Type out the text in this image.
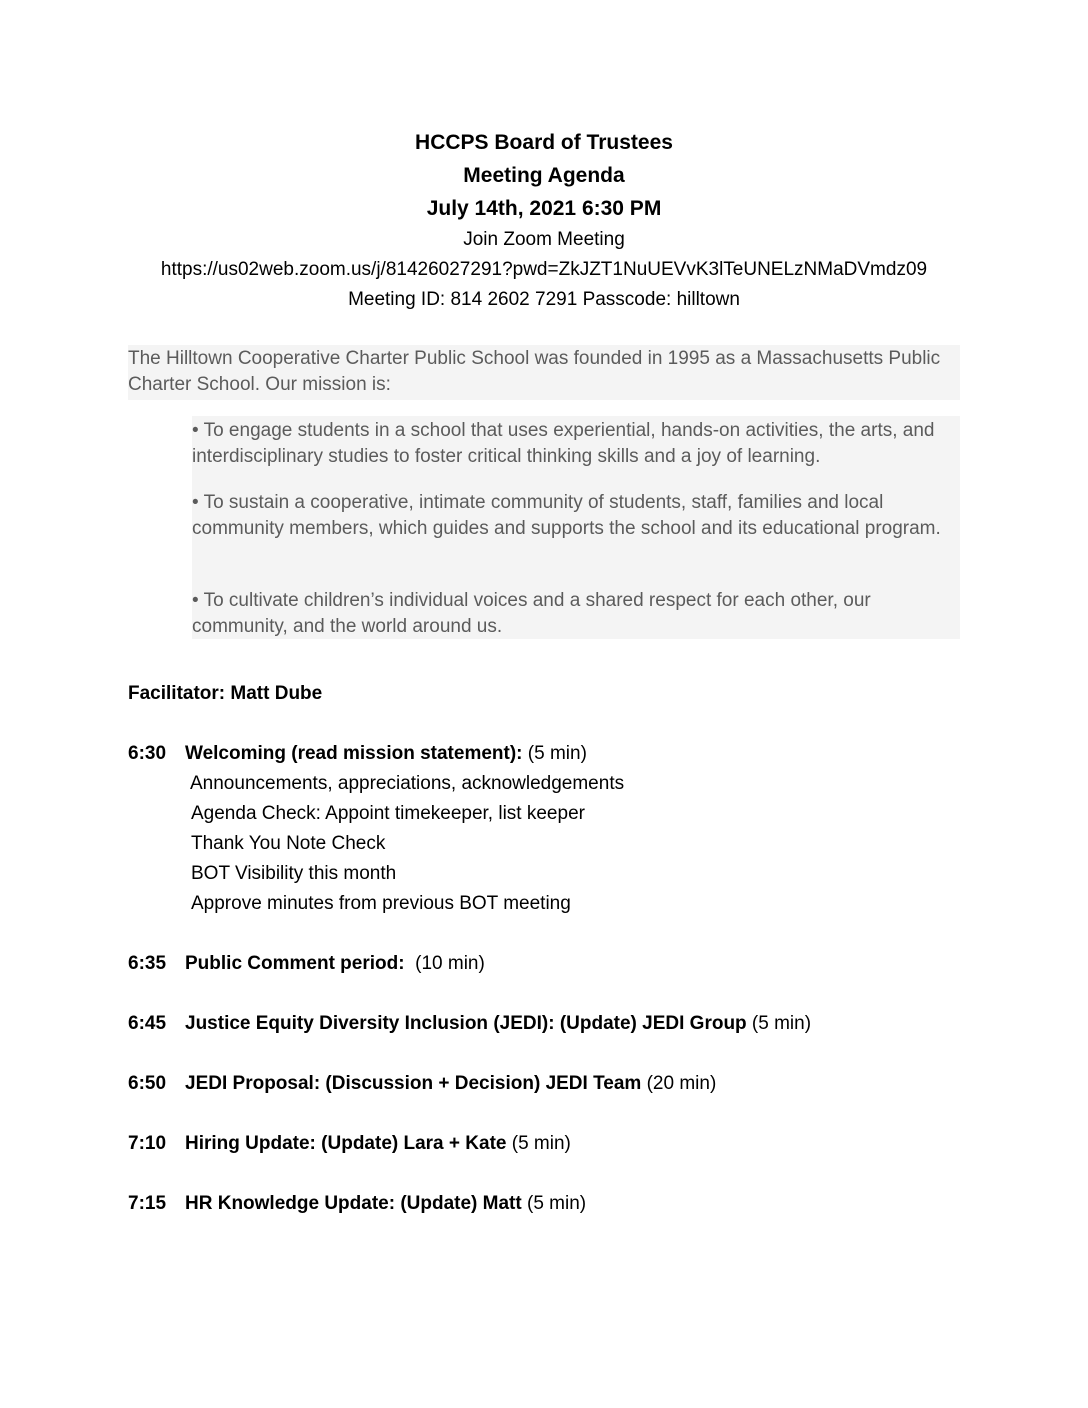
HCCPS Board of Trustees

Meeting Agenda

July 14th, 2021 6:30 PM

Join Zoom Meeting

https://us02web.zoom.us/j/81426027291?pwd=ZkJZT1NuUEVvK3lTeUNELzNMaDVmdz09

Meeting ID: 814 2602 7291 Passcode: hilltown

The Hilltown Cooperative Charter Public School was founded in 1995 as a Massachusetts Public Charter School. Our mission is:
• To engage students in a school that uses experiential, hands-on activities, the arts, and interdisciplinary studies to foster critical thinking skills and a joy of learning.
• To sustain a cooperative, intimate community of students, staff, families and local community members, which guides and supports the school and its educational program.
• To cultivate children’s individual voices and a shared respect for each other, our community, and the world around us.
Facilitator: Matt Dube
6:30 Welcoming (read mission statement): (5 min)
Announcements, appreciations, acknowledgements
Agenda Check: Appoint timekeeper, list keeper
Thank You Note Check
BOT Visibility this month
Approve minutes from previous BOT meeting
6:35 Public Comment period:  (10 min)
6:45 Justice Equity Diversity Inclusion (JEDI): (Update) JEDI Group (5 min)
6:50 JEDI Proposal: (Discussion + Decision) JEDI Team (20 min)
7:10 Hiring Update: (Update) Lara + Kate (5 min)
7:15 HR Knowledge Update: (Update) Matt (5 min)
